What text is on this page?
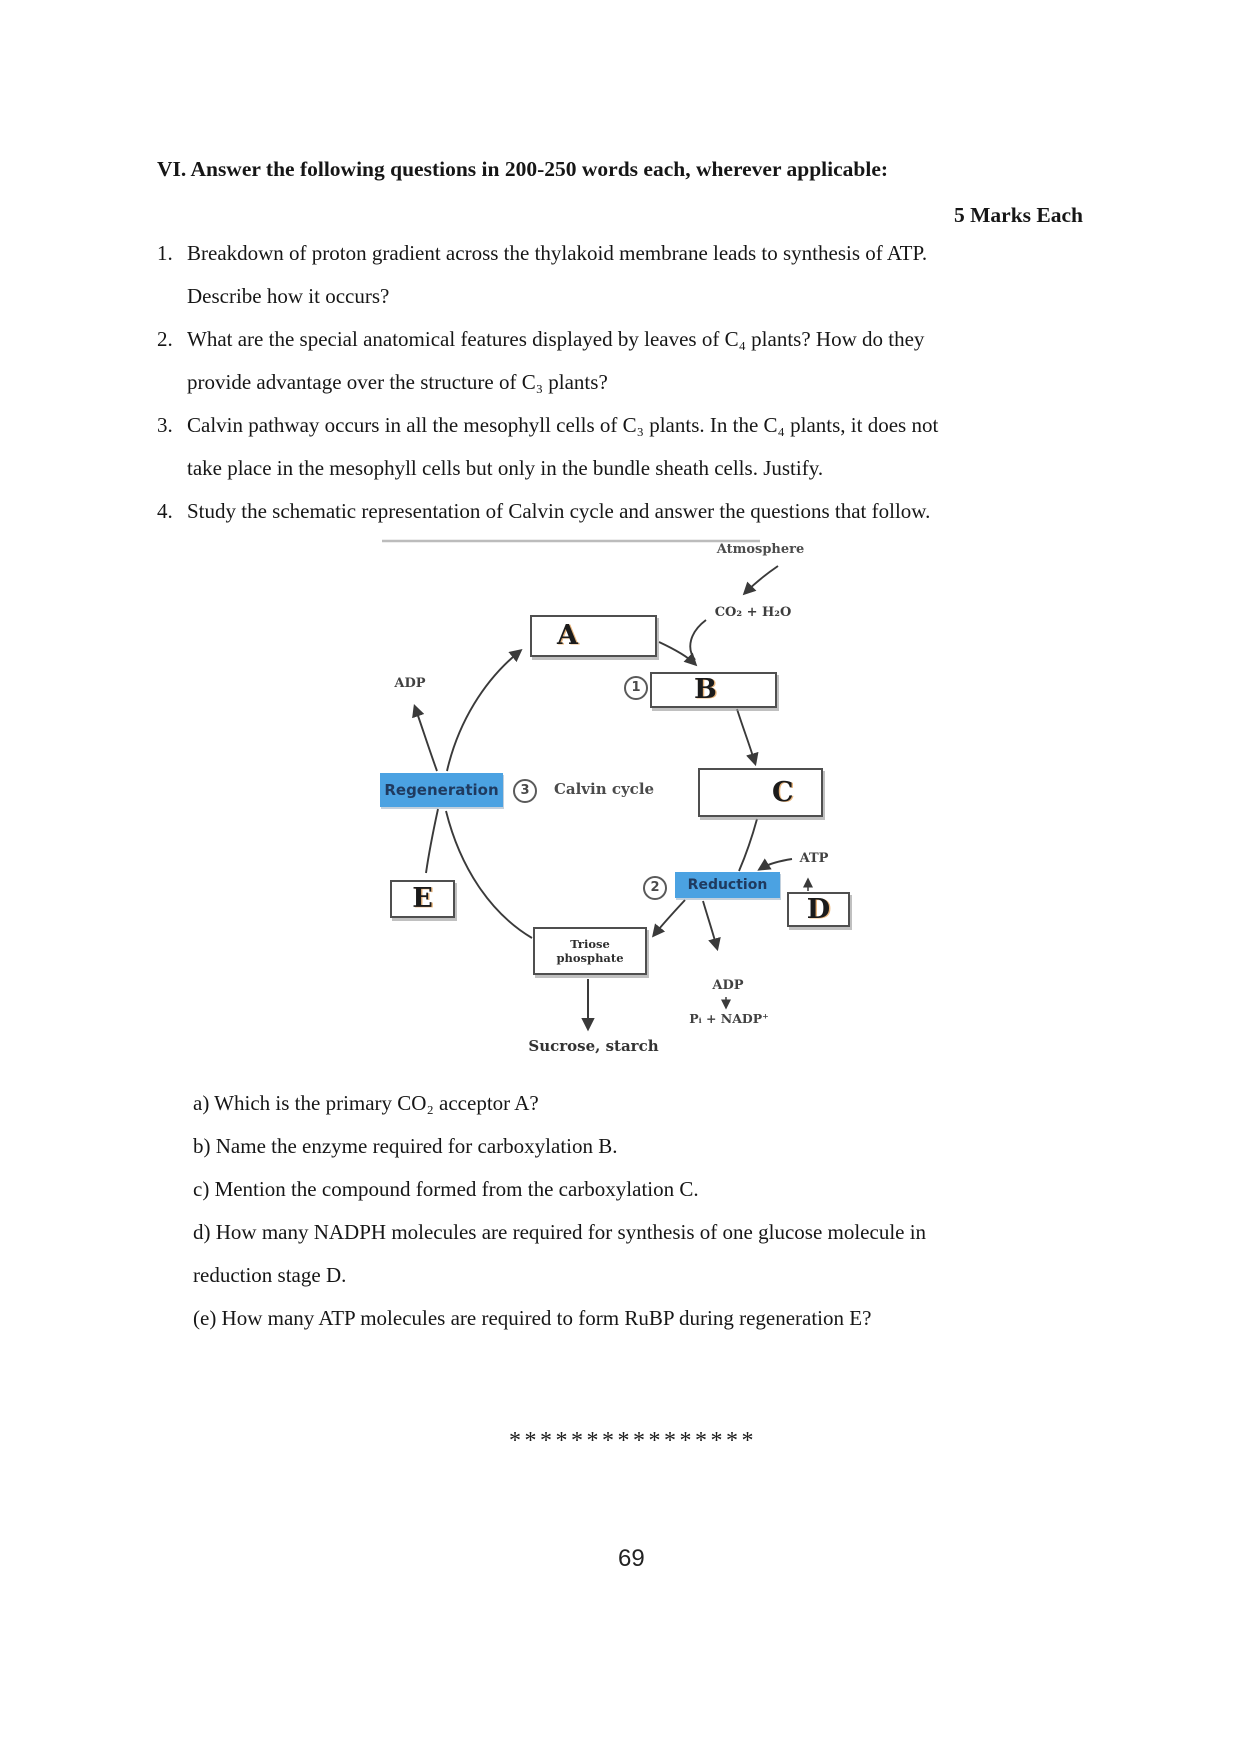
VI. Answer the following questions in 200-250 words each, wherever applicable:
5 Marks Each
1. Breakdown of proton gradient across the thylakoid membrane leads to synthesis of ATP.
Describe how it occurs?
2. What are the special anatomical features displayed by leaves of C₄ plants? How do they
provide advantage over the structure of C₃ plants?
3. Calvin pathway occurs in all the mesophyll cells of C₃ plants. In the C₄ plants, it does not
take place in the mesophyll cells but only in the bundle sheath cells. Justify.
4. Study the schematic representation of Calvin cycle and answer the questions that follow.
Atmosphere
CO₂ + H₂O
ADP
A
1	B
C
Regeneration	3	Calvin cycle
ATP
2	Reduction
D
E
Triose
phosphate
ADP
Pᵢ + NADP⁺
Sucrose, starch
a) Which is the primary CO₂ acceptor A?
b) Name the enzyme required for carboxylation B.
c) Mention the compound formed from the carboxylation C.
d) How many NADPH molecules are required for synthesis of one glucose molecule in
reduction stage D.
(e) How many ATP molecules are required to form RuBP during regeneration E?
****************
69
